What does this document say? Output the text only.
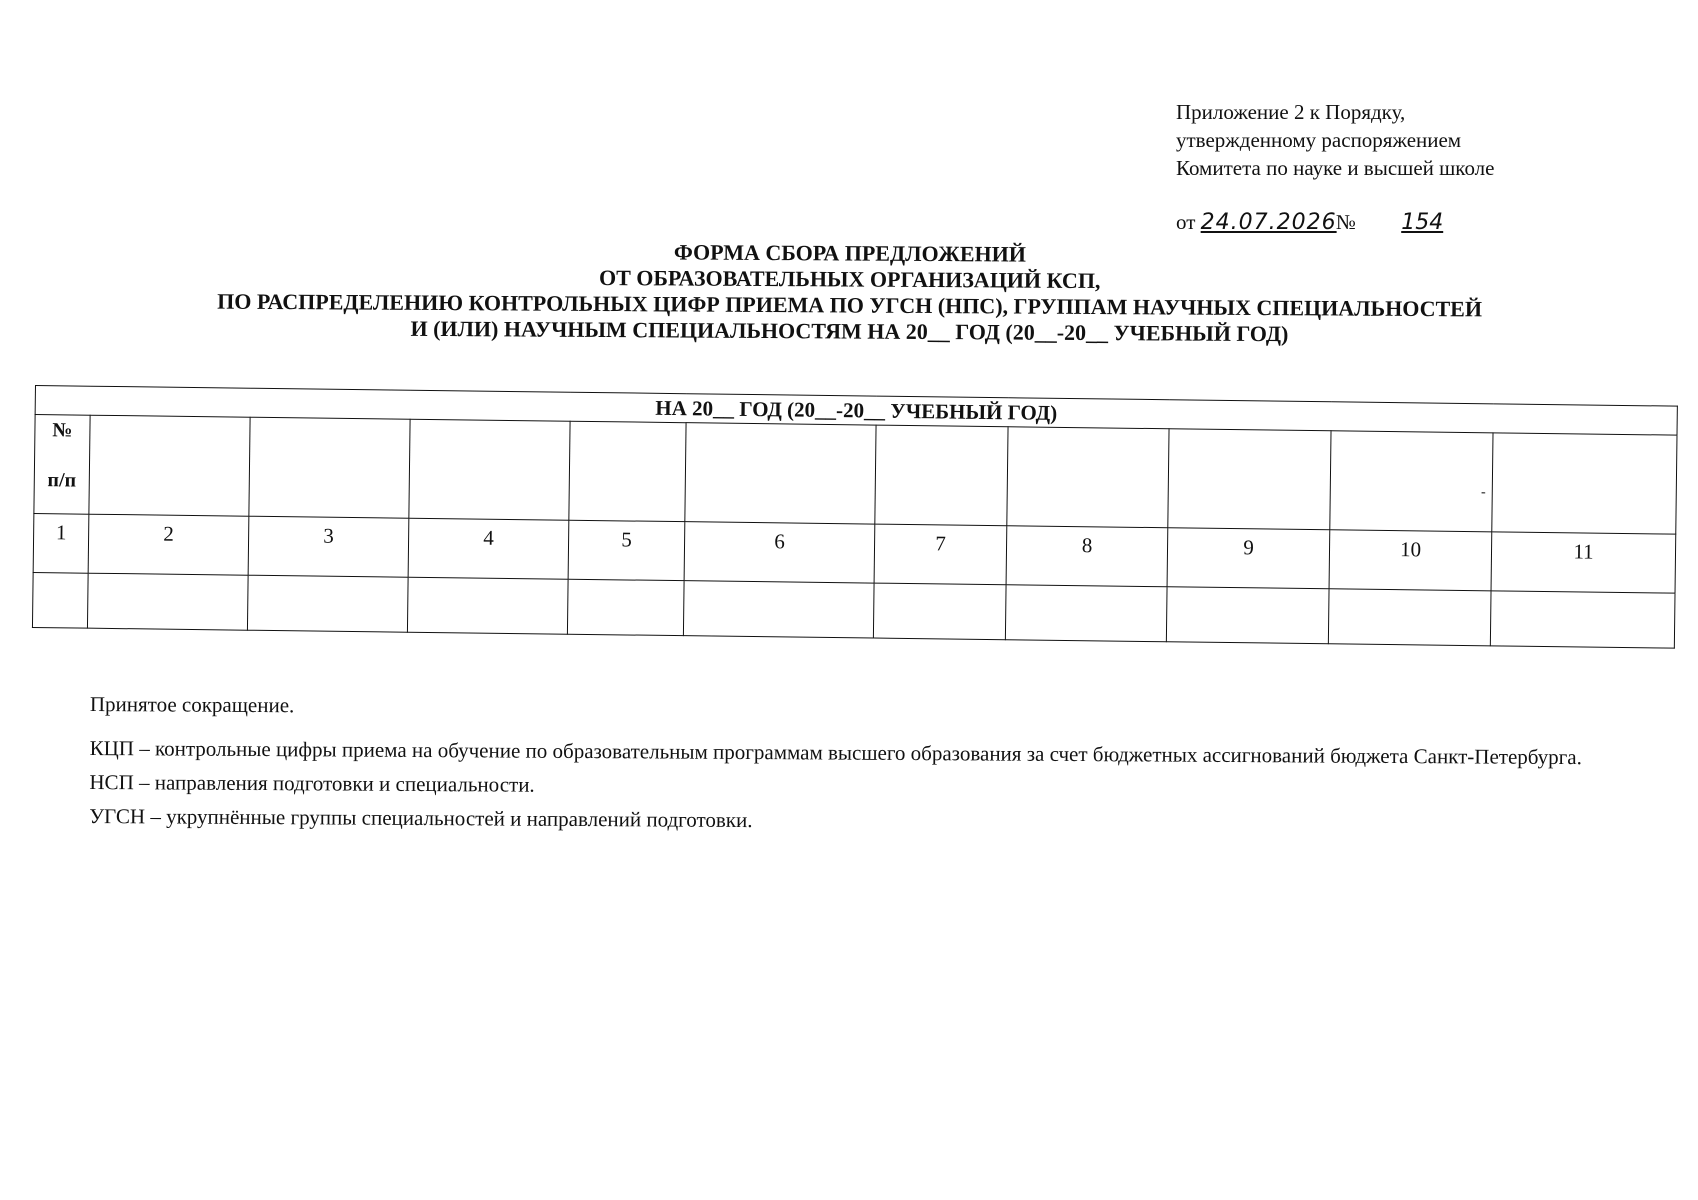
Приложение 2 к Порядку,
утвержденному распоряжением
Комитета по науке и высшей школе
от 24.07.2026 № 154
ФОРМА СБОРА ПРЕДЛОЖЕНИЙ
ОТ ОБРАЗОВАТЕЛЬНЫХ ОРГАНИЗАЦИЙ КСП,
ПО РАСПРЕДЕЛЕНИЮ КОНТРОЛЬНЫХ ЦИФР ПРИЕМА ПО УГСН (НПС), ГРУППАМ НАУЧНЫХ СПЕЦИАЛЬНОСТЕЙ
И (ИЛИ) НАУЧНЫМ СПЕЦИАЛЬНОСТЯМ НА 20__ ГОД (20__-20__ УЧЕБНЫЙ ГОД)
НА 20__ ГОД (20__-20__ УЧЕБНЫЙ ГОД)										

№
п/п									-	

1	2	3	4	5	6	7	8	9	10	11

Принятое сокращение.

КЦП – контрольные цифры приема на обучение по образовательным программам высшего образования за счет бюджетных ассигнований бюджета Санкт-Петербурга.

НСП – направления подготовки и специальности.

УГСН – укрупнённые группы специальностей и направлений подготовки.
